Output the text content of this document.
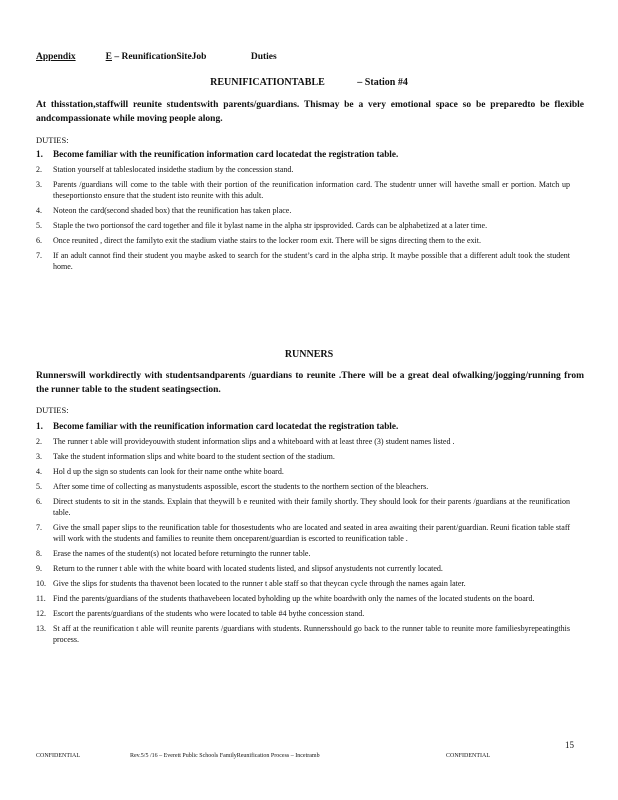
Appendix	E – ReunificationSiteJob	Duties
REUNIFICATIONTABLE	– Station #4
At thisstation,staffwill reunite studentswith parents/guardians. Thismay be a very emotional space so be preparedto be flexible andcompassionate while moving people along.
DUTIES:
1. Become familiar with the reunification information card locatedat the registration table.
2. Station yourself at tableslocated insidethe stadium by the concession stand.
3. Parents /guardians will come to the table with their portion of the reunification information card. The studentr unner will havethe small er portion. Match up theseportionsto ensure that the student isto reunite with this adult.
4. Noteon the card(second shaded box) that the reunification has taken place.
5. Staple the two portionsof the card together and file it bylast name in the alpha str ipsprovided. Cards can be alphabetized at a later time.
6. Once reunited , direct the familyto exit the stadium viathe stairs to the locker room exit. There will be signs directing them to the exit.
7. If an adult cannot find their student you maybe asked to search for the student’s card in the alpha strip. It maybe possible that a different adult took the student home.
RUNNERS
Runnerswill workdirectly with studentsandparents /guardians to reunite .There will be a great deal ofwalking/jogging/running from the runner table to the student seatingsection.
DUTIES:
1. Become familiar with the reunification information card locatedat the registration table.
2. The runner t able will provideyouwith student information slips and a whiteboard with at least three (3) student names listed .
3. Take the student information slips and white board to the student section of the stadium.
4. Hol d up the sign so students can look for their name onthe white board.
5. After some time of collecting as manystudents aspossible, escort the students to the northern section of the bleachers.
6. Direct students to sit in the stands. Explain that theywill b e reunited with their family shortly. They should look for their parents /guardians at the reunification table.
7. Give the small paper slips to the reunification table for thosestudents who are located and seated in area awaiting their parent/guardian. Reuni fication table staff will work with the students and families to reunite them onceparent/guardian is escorted to reunification table .
8. Erase the names of the student(s) not located before returningto the runner table.
9. Return to the runner t able with the white board with located students listed, and slipsof anystudents not currently located.
10. Give the slips for students tha thavenot been located to the runner t able staff so that theycan cycle through the names again later.
11. Find the parents/guardians of the students thathavebeen located byholding up the white boardwith only the names of the located students on the board.
12. Escort the parents/guardians of the students who were located to table #4 bythe concession stand.
13. St aff at the reunification t able will reunite parents /guardians with students. Runnersshould go back to the runner table to reunite more familiesbyrepeatingthis process.
15
CONFIDENTIAL	Rev.5/5 /16 – Everett Public Schools FamilyReunification Process – Incetramb	CONFIDENTIAL
